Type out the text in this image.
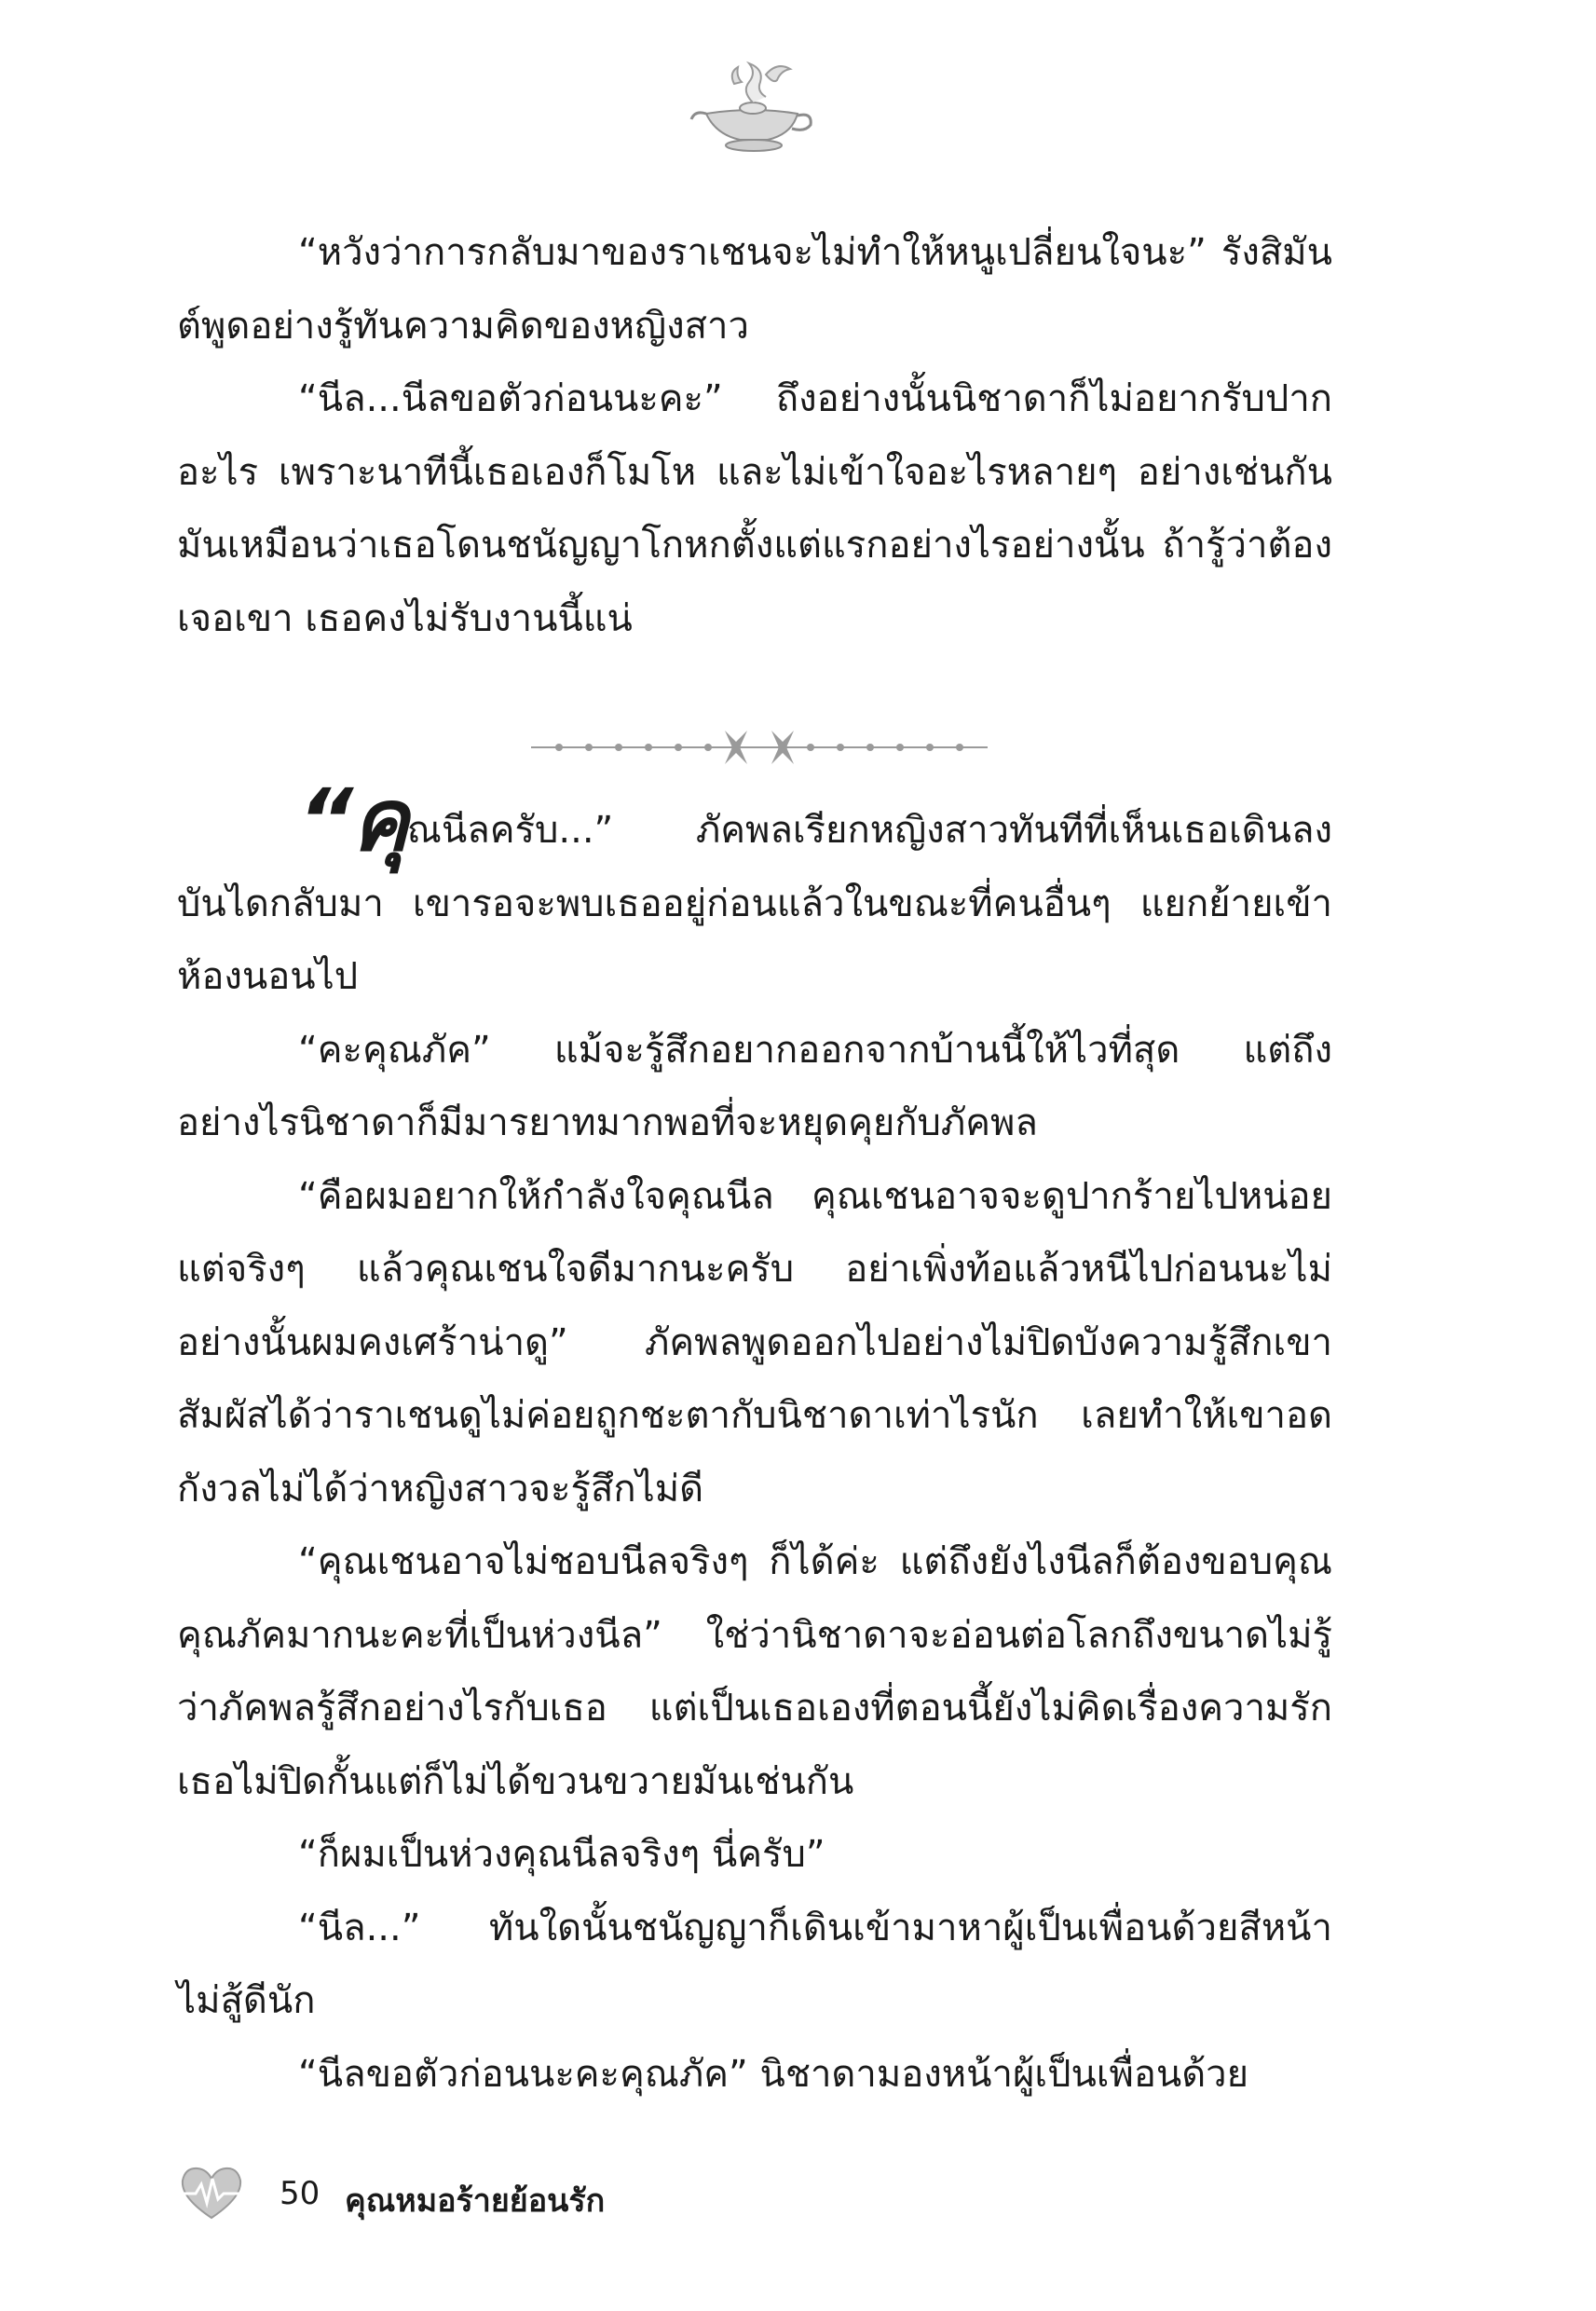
“หวังว่าการกลับมาของราเชนจะไม่ทำให้หนูเปลี่ยนใจนะ” รังสิมันต์พูดอย่างรู้ทันความคิดของหญิงสาว

“นีล...นีลขอตัวก่อนนะคะ” ถึงอย่างนั้นนิชาดาก็ไม่อยากรับปากอะไร เพราะนาทีนี้เธอเองก็โมโห และไม่เข้าใจอะไรหลายๆ อย่างเช่นกันมันเหมือนว่าเธอโดนชนัญญาโกหกตั้งแต่แรกอย่างไรอย่างนั้น ถ้ารู้ว่าต้องเจอเขา เธอคงไม่รับงานนี้แน่

“คุณนีลครับ...” ภัคพลเรียกหญิงสาวทันทีที่เห็นเธอเดินลงบันไดกลับมา เขารอจะพบเธออยู่ก่อนแล้วในขณะที่คนอื่นๆ แยกย้ายเข้าห้องนอนไป

“คะคุณภัค” แม้จะรู้สึกอยากออกจากบ้านนี้ให้ไวที่สุด แต่ถึงอย่างไรนิชาดาก็มีมารยาทมากพอที่จะหยุดคุยกับภัคพล

“คือผมอยากให้กำลังใจคุณนีล คุณเชนอาจจะดูปากร้ายไปหน่อยแต่จริงๆ แล้วคุณเชนใจดีมากนะครับ อย่าเพิ่งท้อแล้วหนีไปก่อนนะไม่อย่างนั้นผมคงเศร้าน่าดู” ภัคพลพูดออกไปอย่างไม่ปิดบังความรู้สึกเขาสัมผัสได้ว่าราเชนดูไม่ค่อยถูกชะตากับนิชาดาเท่าไรนัก เลยทำให้เขาอดกังวลไม่ได้ว่าหญิงสาวจะรู้สึกไม่ดี

“คุณเชนอาจไม่ชอบนีลจริงๆ ก็ได้ค่ะ แต่ถึงยังไงนีลก็ต้องขอบคุณคุณภัคมากนะคะที่เป็นห่วงนีล” ใช่ว่านิชาดาจะอ่อนต่อโลกถึงขนาดไม่รู้ว่าภัคพลรู้สึกอย่างไรกับเธอ แต่เป็นเธอเองที่ตอนนี้ยังไม่คิดเรื่องความรัก เธอไม่ปิดกั้นแต่ก็ไม่ได้ขวนขวายมันเช่นกัน

“ก็ผมเป็นห่วงคุณนีลจริงๆ นี่ครับ”

“นีล...” ทันใดนั้นชนัญญาก็เดินเข้ามาหาผู้เป็นเพื่อนด้วยสีหน้าไม่สู้ดีนัก

“นีลขอตัวก่อนนะคะคุณภัค” นิชาดามองหน้าผู้เป็นเพื่อนด้วย

50 คุณหมอร้ายย้อนรัก
